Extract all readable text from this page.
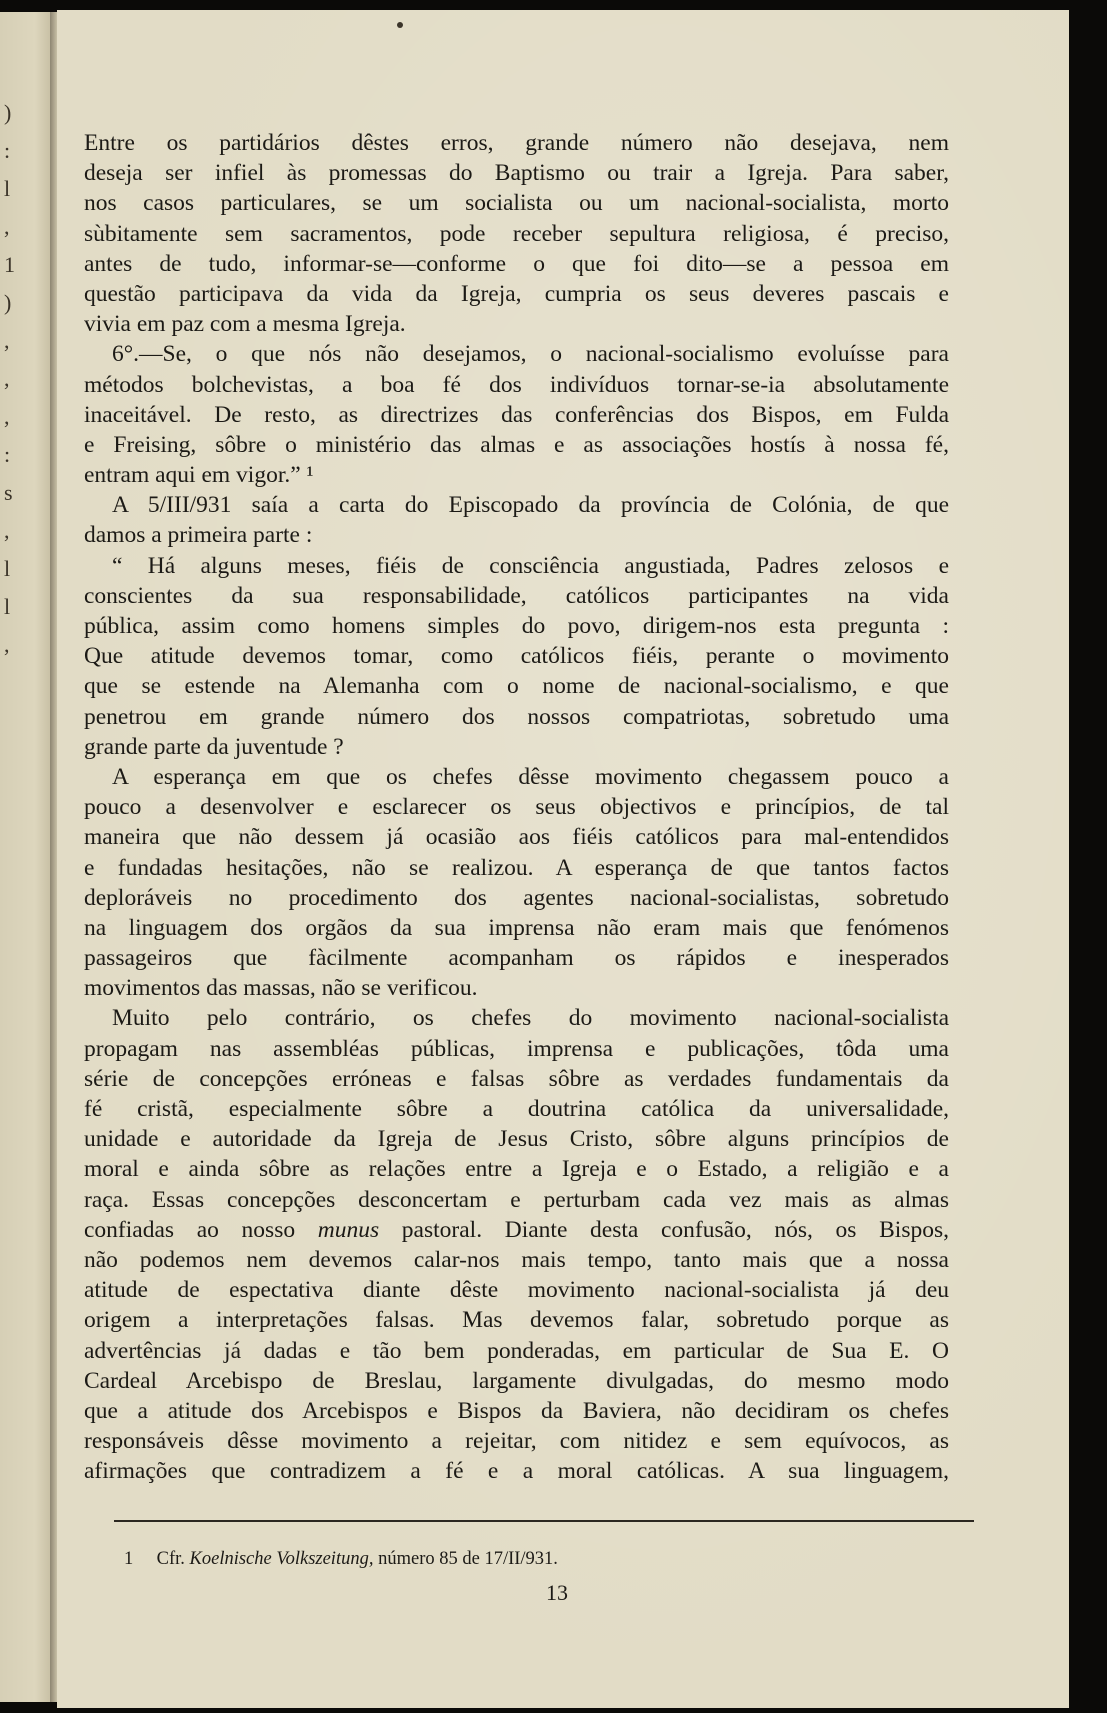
)
:
l
,
1
)
,
,
,
:
s
,
l
l
,
Entre os partidários dêstes erros, grande número não desejava, nem
deseja ser infiel às promessas do Baptismo ou trair a Igreja. Para saber,
nos casos particulares, se um socialista ou um nacional-socialista, morto
sùbitamente sem sacramentos, pode receber sepultura religiosa, é preciso,
antes de tudo, informar-se—conforme o que foi dito—se a pessoa em
questão participava da vida da Igreja, cumpria os seus deveres pascais e
vivia em paz com a mesma Igreja.
6°.—Se, o que nós não desejamos, o nacional-socialismo evoluísse para
métodos bolchevistas, a boa fé dos indivíduos tornar-se-ia absolutamente
inaceitável. De resto, as directrizes das conferências dos Bispos, em Fulda
e Freising, sôbre o ministério das almas e as associações hostís à nossa fé,
entram aqui em vigor.” ¹
A 5/III/931 saía a carta do Episcopado da província de Colónia, de que
damos a primeira parte :
“ Há alguns meses, fiéis de consciência angustiada, Padres zelosos e
conscientes da sua responsabilidade, católicos participantes na vida
pública, assim como homens simples do povo, dirigem-nos esta pregunta :
Que atitude devemos tomar, como católicos fiéis, perante o movimento
que se estende na Alemanha com o nome de nacional-socialismo, e que
penetrou em grande número dos nossos compatriotas, sobretudo uma
grande parte da juventude ?
A esperança em que os chefes dêsse movimento chegassem pouco a
pouco a desenvolver e esclarecer os seus objectivos e princípios, de tal
maneira que não dessem já ocasião aos fiéis católicos para mal-entendidos
e fundadas hesitações, não se realizou. A esperança de que tantos factos
deploráveis no procedimento dos agentes nacional-socialistas, sobretudo
na linguagem dos orgãos da sua imprensa não eram mais que fenómenos
passageiros que fàcilmente acompanham os rápidos e inesperados
movimentos das massas, não se verificou.
Muito pelo contrário, os chefes do movimento nacional-socialista
propagam nas assembléas públicas, imprensa e publicações, tôda uma
série de concepções erróneas e falsas sôbre as verdades fundamentais da
fé cristã, especialmente sôbre a doutrina católica da universalidade,
unidade e autoridade da Igreja de Jesus Cristo, sôbre alguns princípios de
moral e ainda sôbre as relações entre a Igreja e o Estado, a religião e a
raça. Essas concepções desconcertam e perturbam cada vez mais as almas
confiadas ao nosso munus pastoral. Diante desta confusão, nós, os Bispos,
não podemos nem devemos calar-nos mais tempo, tanto mais que a nossa
atitude de espectativa diante dêste movimento nacional-socialista já deu
origem a interpretações falsas. Mas devemos falar, sobretudo porque as
advertências já dadas e tão bem ponderadas, em particular de Sua E. O
Cardeal Arcebispo de Breslau, largamente divulgadas, do mesmo modo
que a atitude dos Arcebispos e Bispos da Baviera, não decidiram os chefes
responsáveis dêsse movimento a rejeitar, com nitidez e sem equívocos, as
afirmações que contradizem a fé e a moral católicas. A sua linguagem,
1 Cfr. Koelnische Volkszeitung, número 85 de 17/II/931.
13
